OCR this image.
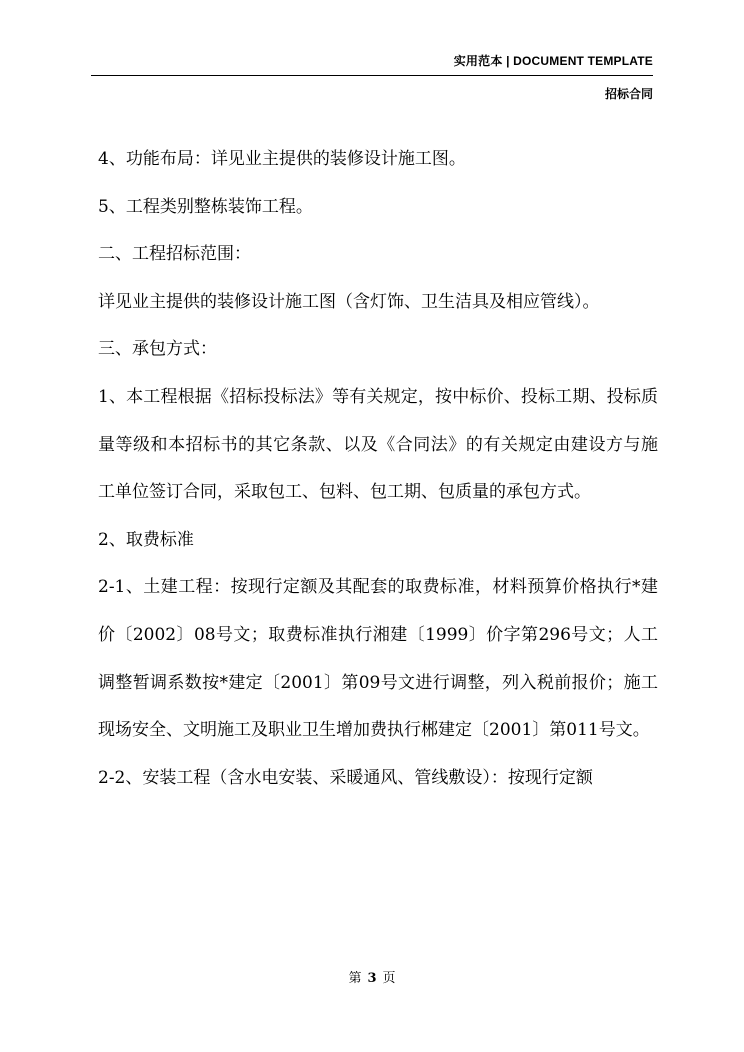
实用范本 | DOCUMENT TEMPLATE
招标合同

4、功能布局：详见业主提供的装修设计施工图。

5、工程类别整栋装饰工程。

二、工程招标范围：

详见业主提供的装修设计施工图（含灯饰、卫生洁具及相应管线）。

三、承包方式：

1、本工程根据《招标投标法》等有关规定，按中标价、投标工期、投标质量等级和本招标书的其它条款、以及《合同法》的有关规定由建设方与施工单位签订合同，采取包工、包料、包工期、包质量的承包方式。

2、取费标准

2-1、土建工程：按现行定额及其配套的取费标准，材料预算价格执行*建价〔2002〕08号文；取费标准执行湘建〔1999〕价字第296号文；人工调整暂调系数按*建定〔2001〕第09号文进行调整，列入税前报价；施工现场安全、文明施工及职业卫生增加费执行郴建定〔2001〕第011号文。

2-2、安装工程（含水电安装、采暖通风、管线敷设）：按现行定额

第 3 页
